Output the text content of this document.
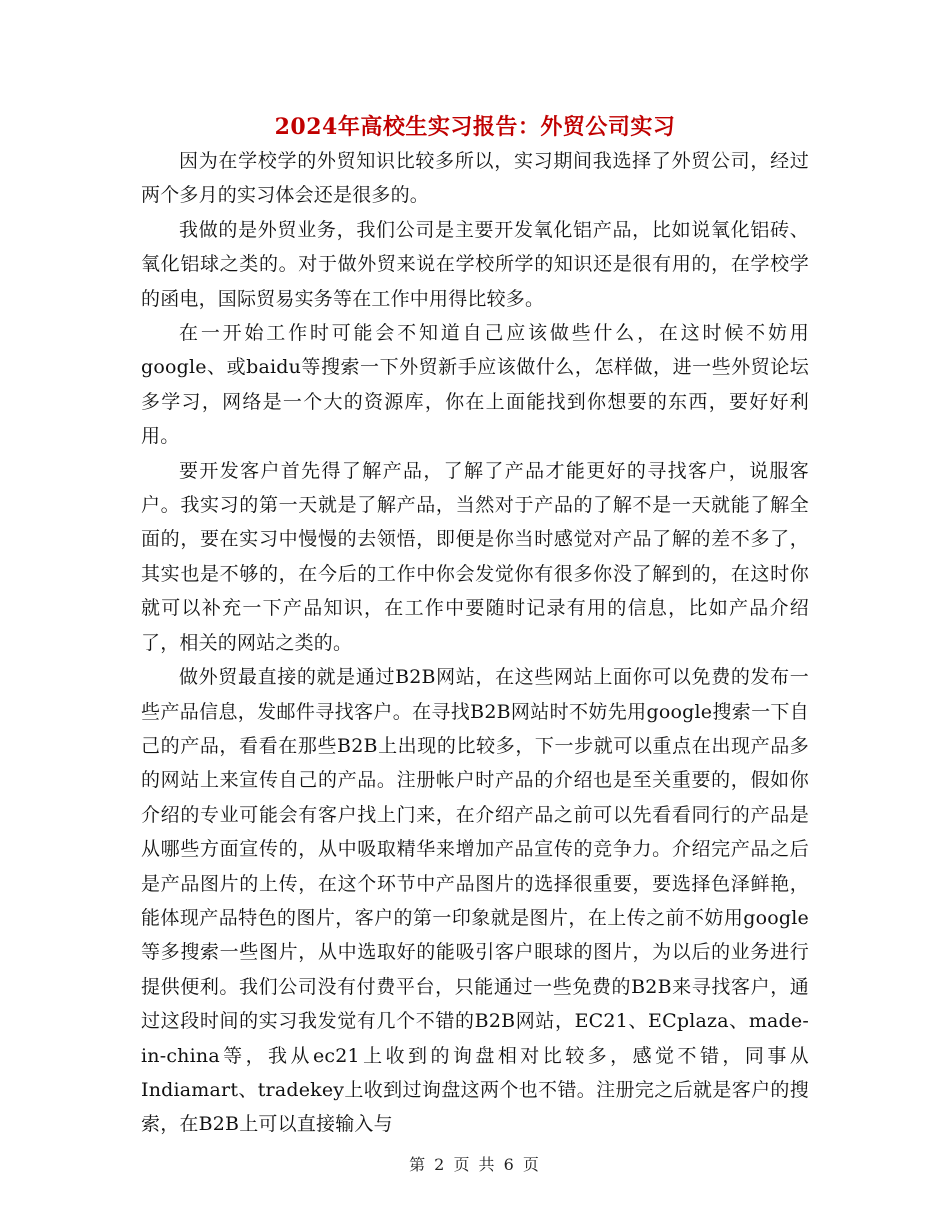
2024年高校生实习报告：外贸公司实习

因为在学校学的外贸知识比较多所以，实习期间我选择了外贸公司，经过两个多月的实习体会还是很多的。

我做的是外贸业务，我们公司是主要开发氧化铝产品，比如说氧化铝砖、氧化铝球之类的。对于做外贸来说在学校所学的知识还是很有用的，在学校学的函电，国际贸易实务等在工作中用得比较多。

在一开始工作时可能会不知道自己应该做些什么，在这时候不妨用google、或baidu等搜索一下外贸新手应该做什么，怎样做，进一些外贸论坛多学习，网络是一个大的资源库，你在上面能找到你想要的东西，要好好利用。

要开发客户首先得了解产品，了解了产品才能更好的寻找客户，说服客户。我实习的第一天就是了解产品，当然对于产品的了解不是一天就能了解全面的，要在实习中慢慢的去领悟，即便是你当时感觉对产品了解的差不多了，其实也是不够的，在今后的工作中你会发觉你有很多你没了解到的，在这时你就可以补充一下产品知识，在工作中要随时记录有用的信息，比如产品介绍了，相关的网站之类的。

做外贸最直接的就是通过B2B网站，在这些网站上面你可以免费的发布一些产品信息，发邮件寻找客户。在寻找B2B网站时不妨先用google搜索一下自己的产品，看看在那些B2B上出现的比较多，下一步就可以重点在出现产品多的网站上来宣传自己的产品。注册帐户时产品的介绍也是至关重要的，假如你介绍的专业可能会有客户找上门来，在介绍产品之前可以先看看同行的产品是从哪些方面宣传的，从中吸取精华来增加产品宣传的竞争力。介绍完产品之后是产品图片的上传，在这个环节中产品图片的选择很重要，要选择色泽鲜艳，能体现产品特色的图片，客户的第一印象就是图片，在上传之前不妨用google等多搜索一些图片，从中选取好的能吸引客户眼球的图片，为以后的业务进行提供便利。我们公司没有付费平台，只能通过一些免费的B2B来寻找客户，通过这段时间的实习我发觉有几个不错的B2B网站，EC21、ECplaza、made-in-china等，我从ec21上收到的询盘相对比较多，感觉不错，同事从Indiamart、tradekey上收到过询盘这两个也不错。注册完之后就是客户的搜索，在B2B上可以直接输入与

第 2 页 共 6 页
